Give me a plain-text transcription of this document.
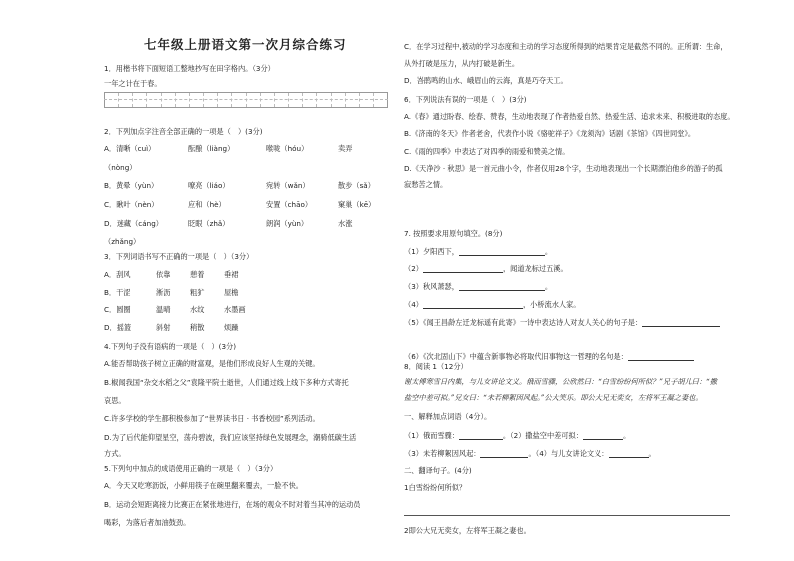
七年级上册语文第一次月综合练习
1．用楷书将下面短语工整地抄写在田字格内。（3分）
一年之计在于春。
2．下列加点字注音全部正确的一项是（　）(3分)
A．清晰（cuì）	酝酿（liàng）	喉咙（hóu）	卖弄
（nòng）
B．黄晕（yùn）	嘹亮（liáo）	宛转（wǎn）	散步（sǎ）
C．瞅叶（nèn）	应和（hè）	安置（chāo）	窠巢（kē）
D．迷藏（cáng）	眨眼（zhǎ）	朗润（yùn）	水涨
（zhǎng）
3．下列词语书写不正确的一项是（　）（3分）
A．刮风	依靠	憩着	垂裙
B．干涩	淅沥	粗犷	屋檐
C．圆圈	温晴	水纹	水墨画
D．摇篮	斜射	稍散	烦躁
4.下列句子没有语病的一项是（　）(3分)
A.能否帮助孩子树立正确的财富观，是他们形成良好人生观的关键。
B.椒闻我国“杂交水稻之父”袁隆平院士逝世，人们通过线上线下多种方式寄托
哀思。
C.许多学校的学生都积极参加了“世界读书日 · 书香校园”系列活动。
D.为了后代能仰望星空，荡舟碧波，我们应该坚持绿色发展理念，潮骑低碳生活
方式。
5.下列句中加点的成语使用正确的一项是（　）（3分）
A．今天又吃寒沥饭，小鲜用筷子在碗里翻来覆去，一脸不快。
B．运动会短距离接力比赛正在紧张地进行，在场的观众不时对着当其冲的运动员
喝彩，为落后者加油鼓劲。
C．在学习过程中,被动的学习态度和主动的学习态度所得到的结果肯定是截然不同的。正所谓：生命，
从外打破是压力，从内打破是新生。
D．峇鹃鸣的山水、峨眉山的云海，真是巧夺天工。
6．下列说法有误的一项是（　）(3分)
A.《春》通过盼春、绘春、赞春，生动地表现了作者热爱自然、热爱生活、追求未来、积极进取的态度。
B.《济南的冬天》作者老舍，代表作小说《骆驼祥子》《龙须沟》话剧《茶馆》《四世同堂》。
C.《雨的四季》中表达了对四季的雨爱和赞美之情。
D.《天净沙 · 秋思》是一首元曲小令，作者仅用28个字，生动地表现出一个长期漂泊他乡的游子的孤
寂愁苦之情。
7. 按照要求用原句填空。(8分)
（1）夕阳西下，	。
（2）	，闻道龙标过五溪。
（3）秋风萧瑟，	。
（4）	，小桥流水人家。
（5）《闻王昌龄左迁龙标遥有此寄》一诗中表达诗人对友人关心的句子是：
（6）《次北固山下》中蕴含新事物必将取代旧事物这一哲理的名句是：
8．阅读 1（12分）
谢太傅寒雪日内集，与儿女讲论文义。俄而雪骤，公欣然曰：“白雪纷纷何所似？”兄子胡儿曰：“撒
盐空中差可拟。”兄女曰：“未若柳絮因风起。”公大笑乐。即公大兄无奕女，左将军王凝之妻也。
一、解释加点词语（4分）。
（1）俄而雪骤：	。（2）撒盐空中差可拟：	。
（3）未若柳絮因风起：	。（4）与儿女讲论文义：	。
二、翻译句子。(4分)
1白雪纷纷何所似？
2即公大兄无奕女，左将军王凝之妻也。
